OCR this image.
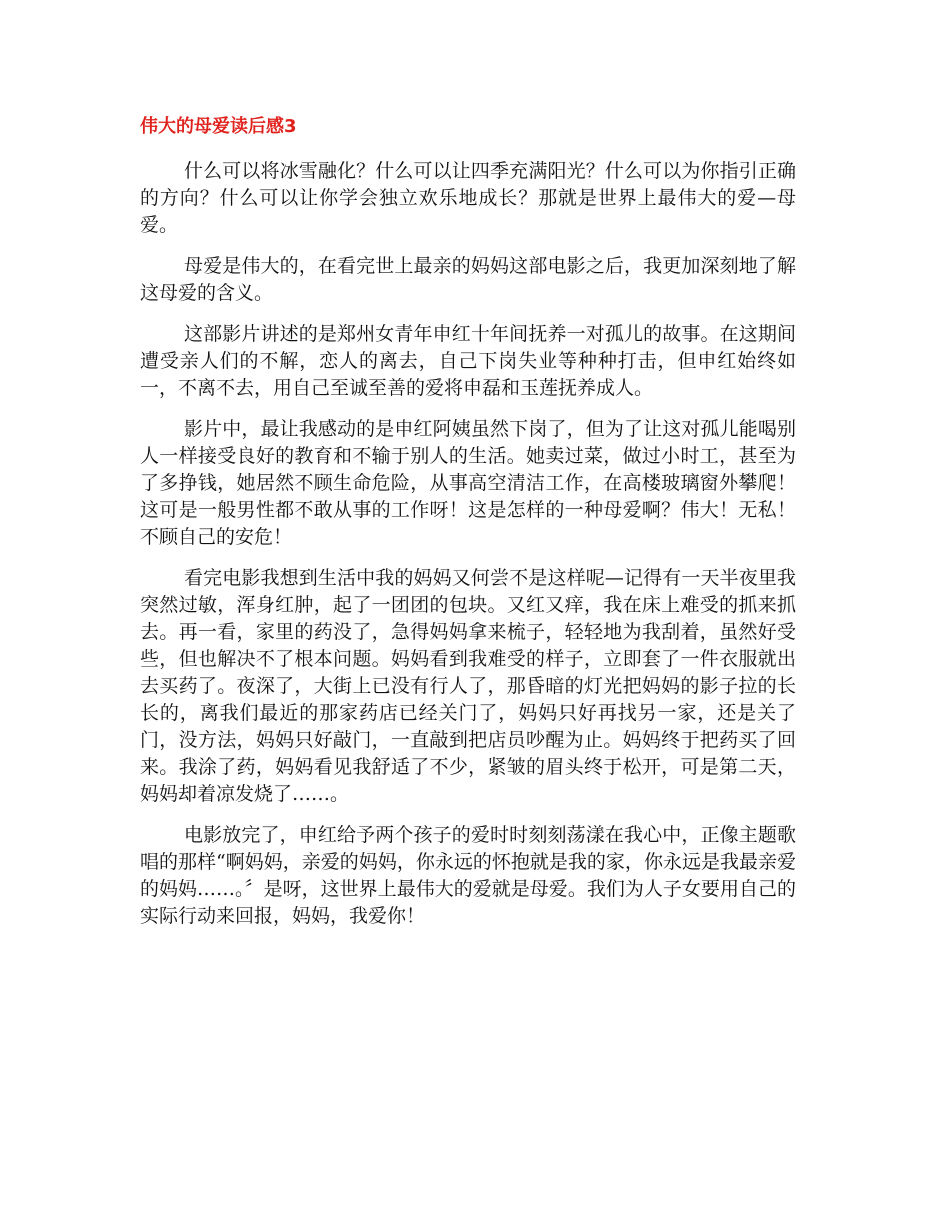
伟大的母爱读后感3

什么可以将冰雪融化？什么可以让四季充满阳光？什么可以为你指引正确的方向？什么可以让你学会独立欢乐地成长？那就是世界上最伟大的爱—母爱。

母爱是伟大的，在看完世上最亲的妈妈这部电影之后，我更加深刻地了解这母爱的含义。

这部影片讲述的是郑州女青年申红十年间抚养一对孤儿的故事。在这期间遭受亲人们的不解，恋人的离去，自己下岗失业等种种打击，但申红始终如一，不离不去，用自己至诚至善的爱将申磊和玉莲抚养成人。

影片中，最让我感动的是申红阿姨虽然下岗了，但为了让这对孤儿能喝别人一样接受良好的教育和不输于别人的生活。她卖过菜，做过小时工，甚至为了多挣钱，她居然不顾生命危险，从事高空清洁工作，在高楼玻璃窗外攀爬！这可是一般男性都不敢从事的工作呀！这是怎样的一种母爱啊？伟大！无私！不顾自己的安危！

看完电影我想到生活中我的妈妈又何尝不是这样呢—记得有一天半夜里我突然过敏，浑身红肿，起了一团团的包块。又红又痒，我在床上难受的抓来抓去。再一看，家里的药没了，急得妈妈拿来梳子，轻轻地为我刮着，虽然好受些，但也解决不了根本问题。妈妈看到我难受的样子，立即套了一件衣服就出去买药了。夜深了，大街上已没有行人了，那昏暗的灯光把妈妈的影子拉的长长的，离我们最近的那家药店已经关门了，妈妈只好再找另一家，还是关了门，没方法，妈妈只好敲门，一直敲到把店员吵醒为止。妈妈终于把药买了回来。我涂了药，妈妈看见我舒适了不少，紧皱的眉头终于松开，可是第二天，妈妈却着凉发烧了……。

电影放完了，申红给予两个孩子的爱时时刻刻荡漾在我心中，正像主题歌唱的那样“啊妈妈，亲爱的妈妈，你永远的怀抱就是我的家，你永远是我最亲爱的妈妈……。〞是呀，这世界上最伟大的爱就是母爱。我们为人子女要用自己的实际行动来回报，妈妈，我爱你！
